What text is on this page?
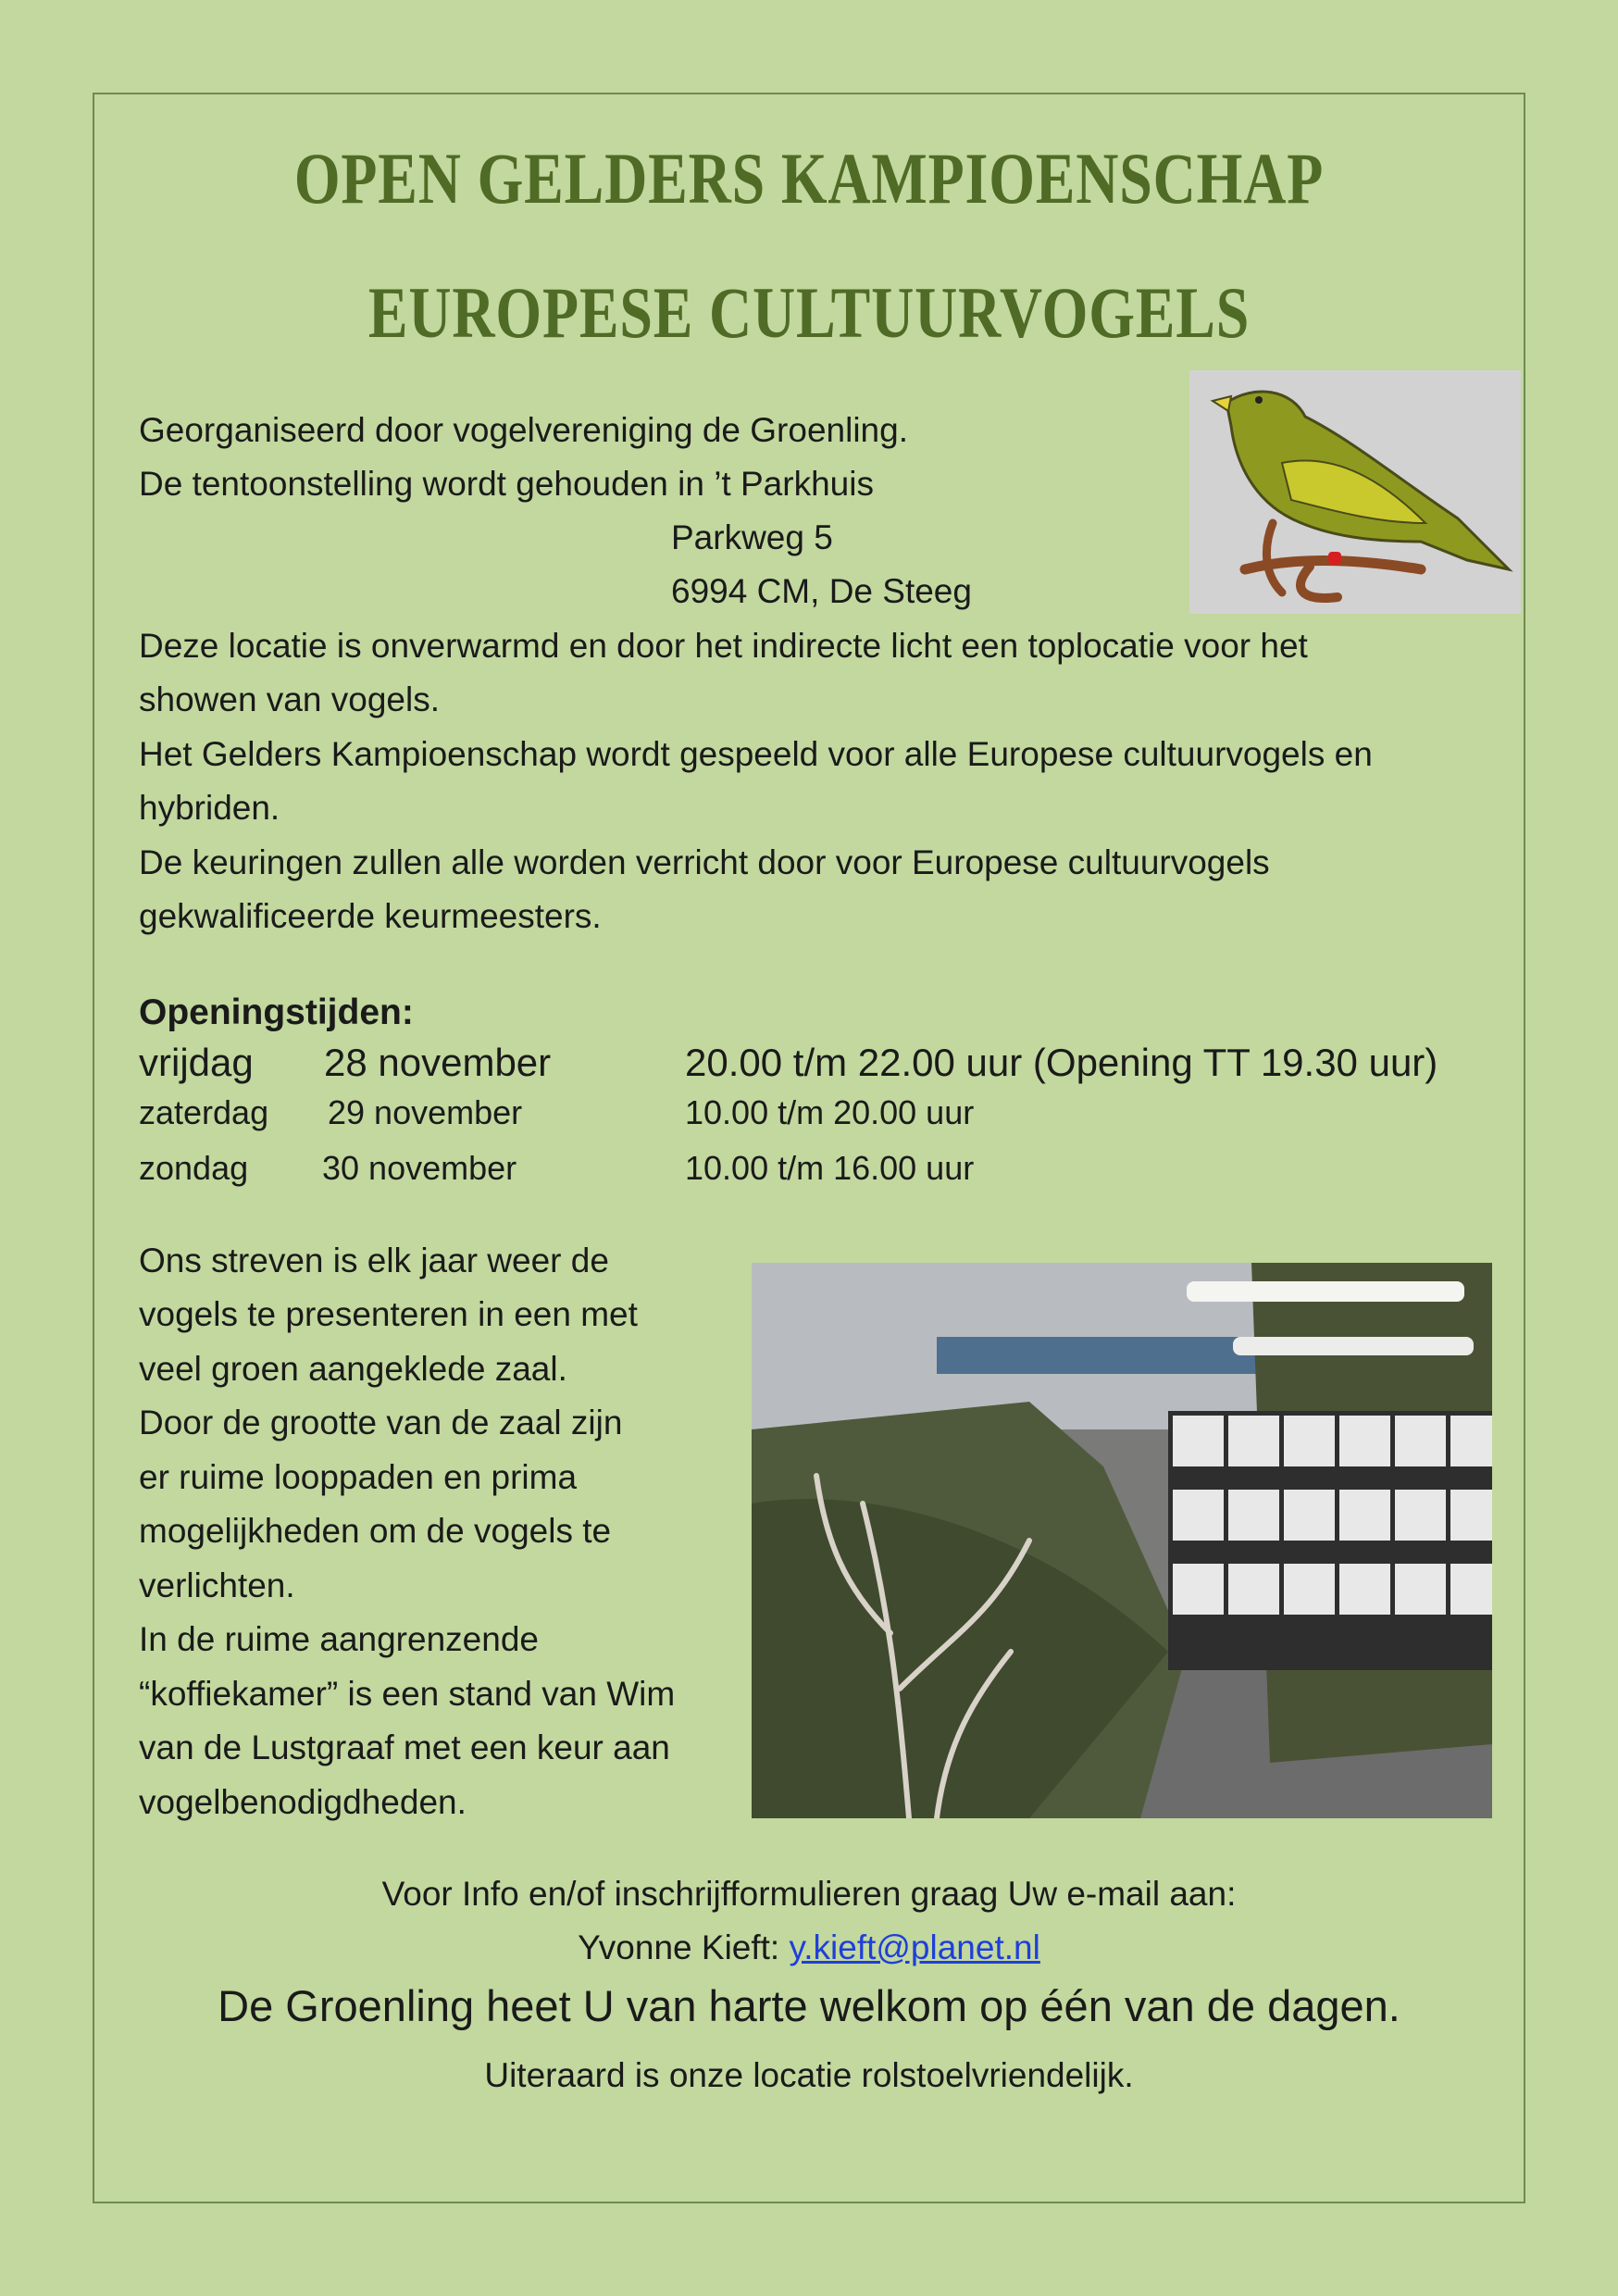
OPEN GELDERS KAMPIOENSCHAP
EUROPESE CULTUURVOGELS
Georganiseerd door vogelvereniging de Groenling.
De tentoonstelling wordt gehouden in ’t Parkhuis
Parkweg 5
6994 CM, De Steeg
Deze locatie is onverwarmd en door het indirecte licht een toplocatie voor het
showen van vogels.
Het Gelders Kampioenschap wordt gespeeld voor alle Europese cultuurvogels en
hybriden.
De keuringen zullen alle worden verricht door voor Europese cultuurvogels
gekwalificeerde keurmeesters.
Openingstijden:
vrijdag 28 november	20.00 t/m 22.00 uur (Opening TT 19.30 uur)
zaterdag 29 november	10.00 t/m 20.00 uur
zondag 30 november	10.00 t/m 16.00 uur
Ons streven is elk jaar weer de
vogels te presenteren in een met
veel groen aangeklede zaal.
Door de grootte van de zaal zijn
er ruime looppaden en prima
mogelijkheden om de vogels te
verlichten.
In de ruime aangrenzende
“koffiekamer” is een stand van Wim
van de Lustgraaf met een keur aan
vogelbenodigdheden.
Voor Info en/of inschrijfformulieren graag Uw e-mail aan:
Yvonne Kieft: y.kieft@planet.nl
De Groenling heet U van harte welkom op één van de dagen.
Uiteraard is onze locatie rolstoelvriendelijk.
